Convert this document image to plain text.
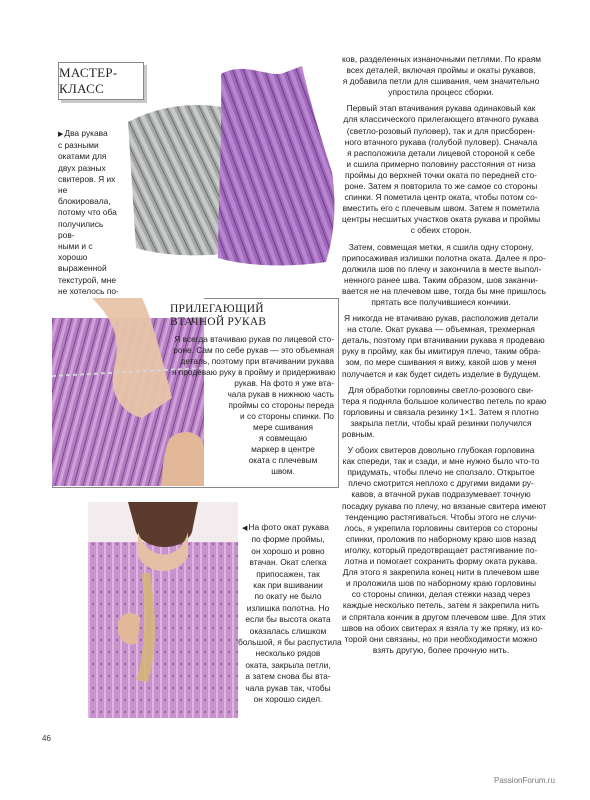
МАСТЕР-КЛАСС

▶Два рукава

с разными

окатами для

двух разных

свитеров. Я их

не блокировала,

потому что оба

получились ров-

ными и с хорошо

выраженной

текстурой, мне

не хотелось по-

ПРИЛЕГАЮЩИЙ
ВТАЧНОЙ РУКАВ

Я всегда втачиваю рукав по лицевой сто-

роне. Сам по себе рукав — это объемная

деталь, поэтому при втачивании рукава

я продеваю руку в пройму и придерживаю

рукав. На фото я уже вта-

чала рукав в нижнюю часть

проймы со стороны переда

и со стороны спинки. По

мере сшивания

я совмещаю

маркер в центре

оката с плечевым

швом.

◀На фото окат рукава

по форме проймы,

он хорошо и ровно

втачан. Окат слегка

припосажен, так

как при вшивании

по окату не было

излишка полотна. Но

если бы высота оката

оказалась слишком

большой, я бы распустила

несколько рядов

оката, закрыла петли,

а затем снова бы вта-

чала рукав так, чтобы

он хорошо сидел.

ков, разделенных изнаночными петлями. По краям

всех деталей, включая проймы и окаты рукавов,

я добавила петли для сшивания, чем значительно

упростила процесс сборки.

Первый этап втачивания рукава одинаковый как

для классического прилегающего втачного рукава

(светло-розовый пуловер), так и для присборен-

ного втачного рукава (голубой пуловер). Сначала

я расположила детали лицевой стороной к себе

и сшила примерно половину расстояния от низа

проймы до верхней точки оката по передней сто-

роне. Затем я повторила то же самое со стороны

спинки. Я пометила центр оката, чтобы потом со-

вместить его с плечевым швом. Затем я пометила

центры несшитых участков оката рукава и проймы

с обеих сторон.

Затем, совмещая метки, я сшила одну сторону,

припосаживая излишки полотна оката. Далее я про-

должила шов по плечу и закончила в месте выпол-

ненного ранее шва. Таким образом, шов заканчи-

вается не на плечевом шве, тогда бы мне пришлось

прятать все получившиеся кончики.

Я никогда не втачиваю рукав, расположив детали

на столе. Окат рукава — объемная, трехмерная

деталь, поэтому при втачивании рукава я продеваю

руку в пройму, как бы имитируя плечо, таким обра-

зом, по мере сшивания я вижу, какой шов у меня

получается и как будет сидеть изделие в будущем.

Для обработки горловины светло-розового сви-

тера я подняла большое количество петель по краю

горловины и связала резинку 1×1. Затем я плотно

закрыла петли, чтобы край резинки получился

ровным.

У обоих свитеров довольно глубокая горловина

как спереди, так и сзади, и мне нужно было что-то

придумать, чтобы плечо не сползало. Открытое

плечо смотрится неплохо с другими видами ру-

кавов, а втачной рукав подразумевает точную

посадку рукава по плечу, но вязаные свитера имеют

тенденцию растягиваться. Чтобы этого не случи-

лось, я укрепила горловины свитеров со стороны

спинки, проложив по наборному краю шов назад

иголку, который предотвращает растягивание по-

лотна и помогает сохранить форму оката рукава.

Для этого я закрепила конец нити в плечевом шве

и проложила шов по наборному краю горловины

со стороны спинки, делая стежки назад через

каждые несколько петель, затем я закрепила нить

и спрятала кончик в другом плечевом шве. Для этих

швов на обоих свитерах я взяла ту же пряжу, из ко-

торой они связаны, но при необходимости можно

взять другую, более прочную нить.

46
PassionForum.ru
